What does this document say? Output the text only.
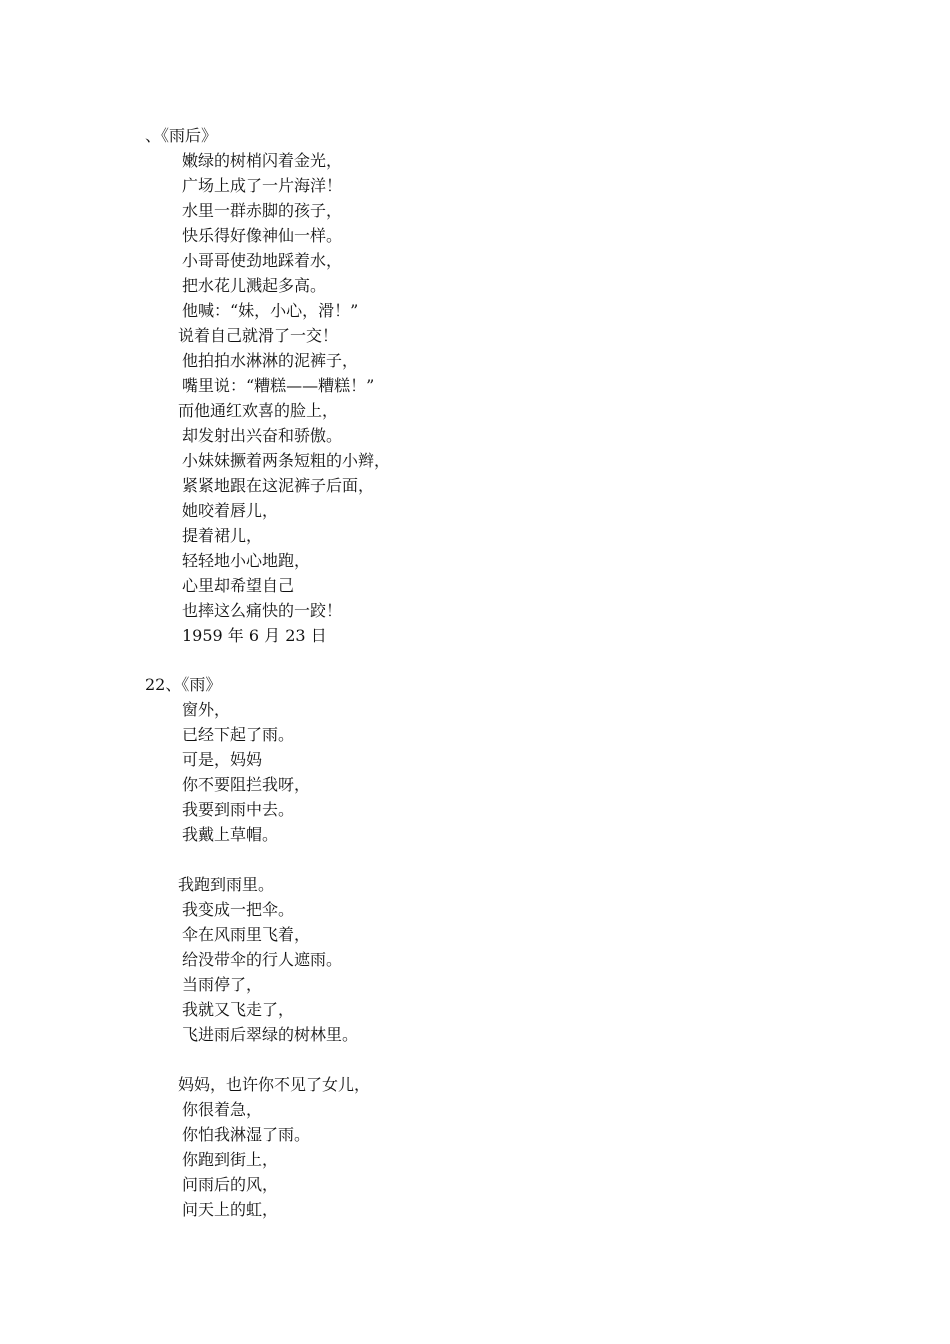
、《雨后》
嫩绿的树梢闪着金光，
广场上成了一片海洋！
水里一群赤脚的孩子，
快乐得好像神仙一样。
小哥哥使劲地踩着水，
把水花儿溅起多高。
他喊：“妹，小心，滑！”
说着自己就滑了一交！
他拍拍水淋淋的泥裤子，
嘴里说：“糟糕——糟糕！”
而他通红欢喜的脸上，
却发射出兴奋和骄傲。
小妹妹撅着两条短粗的小辫，
紧紧地跟在这泥裤子后面，
她咬着唇儿，
提着裙儿，
轻轻地小心地跑，
心里却希望自己
也摔这么痛快的一跤！
1959 年 6 月 23 日
22、《雨》
窗外，
已经下起了雨。
可是，妈妈
你不要阻拦我呀，
我要到雨中去。
我戴上草帽。
我跑到雨里。
我变成一把伞。
伞在风雨里飞着，
给没带伞的行人遮雨。
当雨停了，
我就又飞走了，
飞进雨后翠绿的树林里。
妈妈，也许你不见了女儿，
你很着急，
你怕我淋湿了雨。
你跑到街上，
问雨后的风，
问天上的虹，
